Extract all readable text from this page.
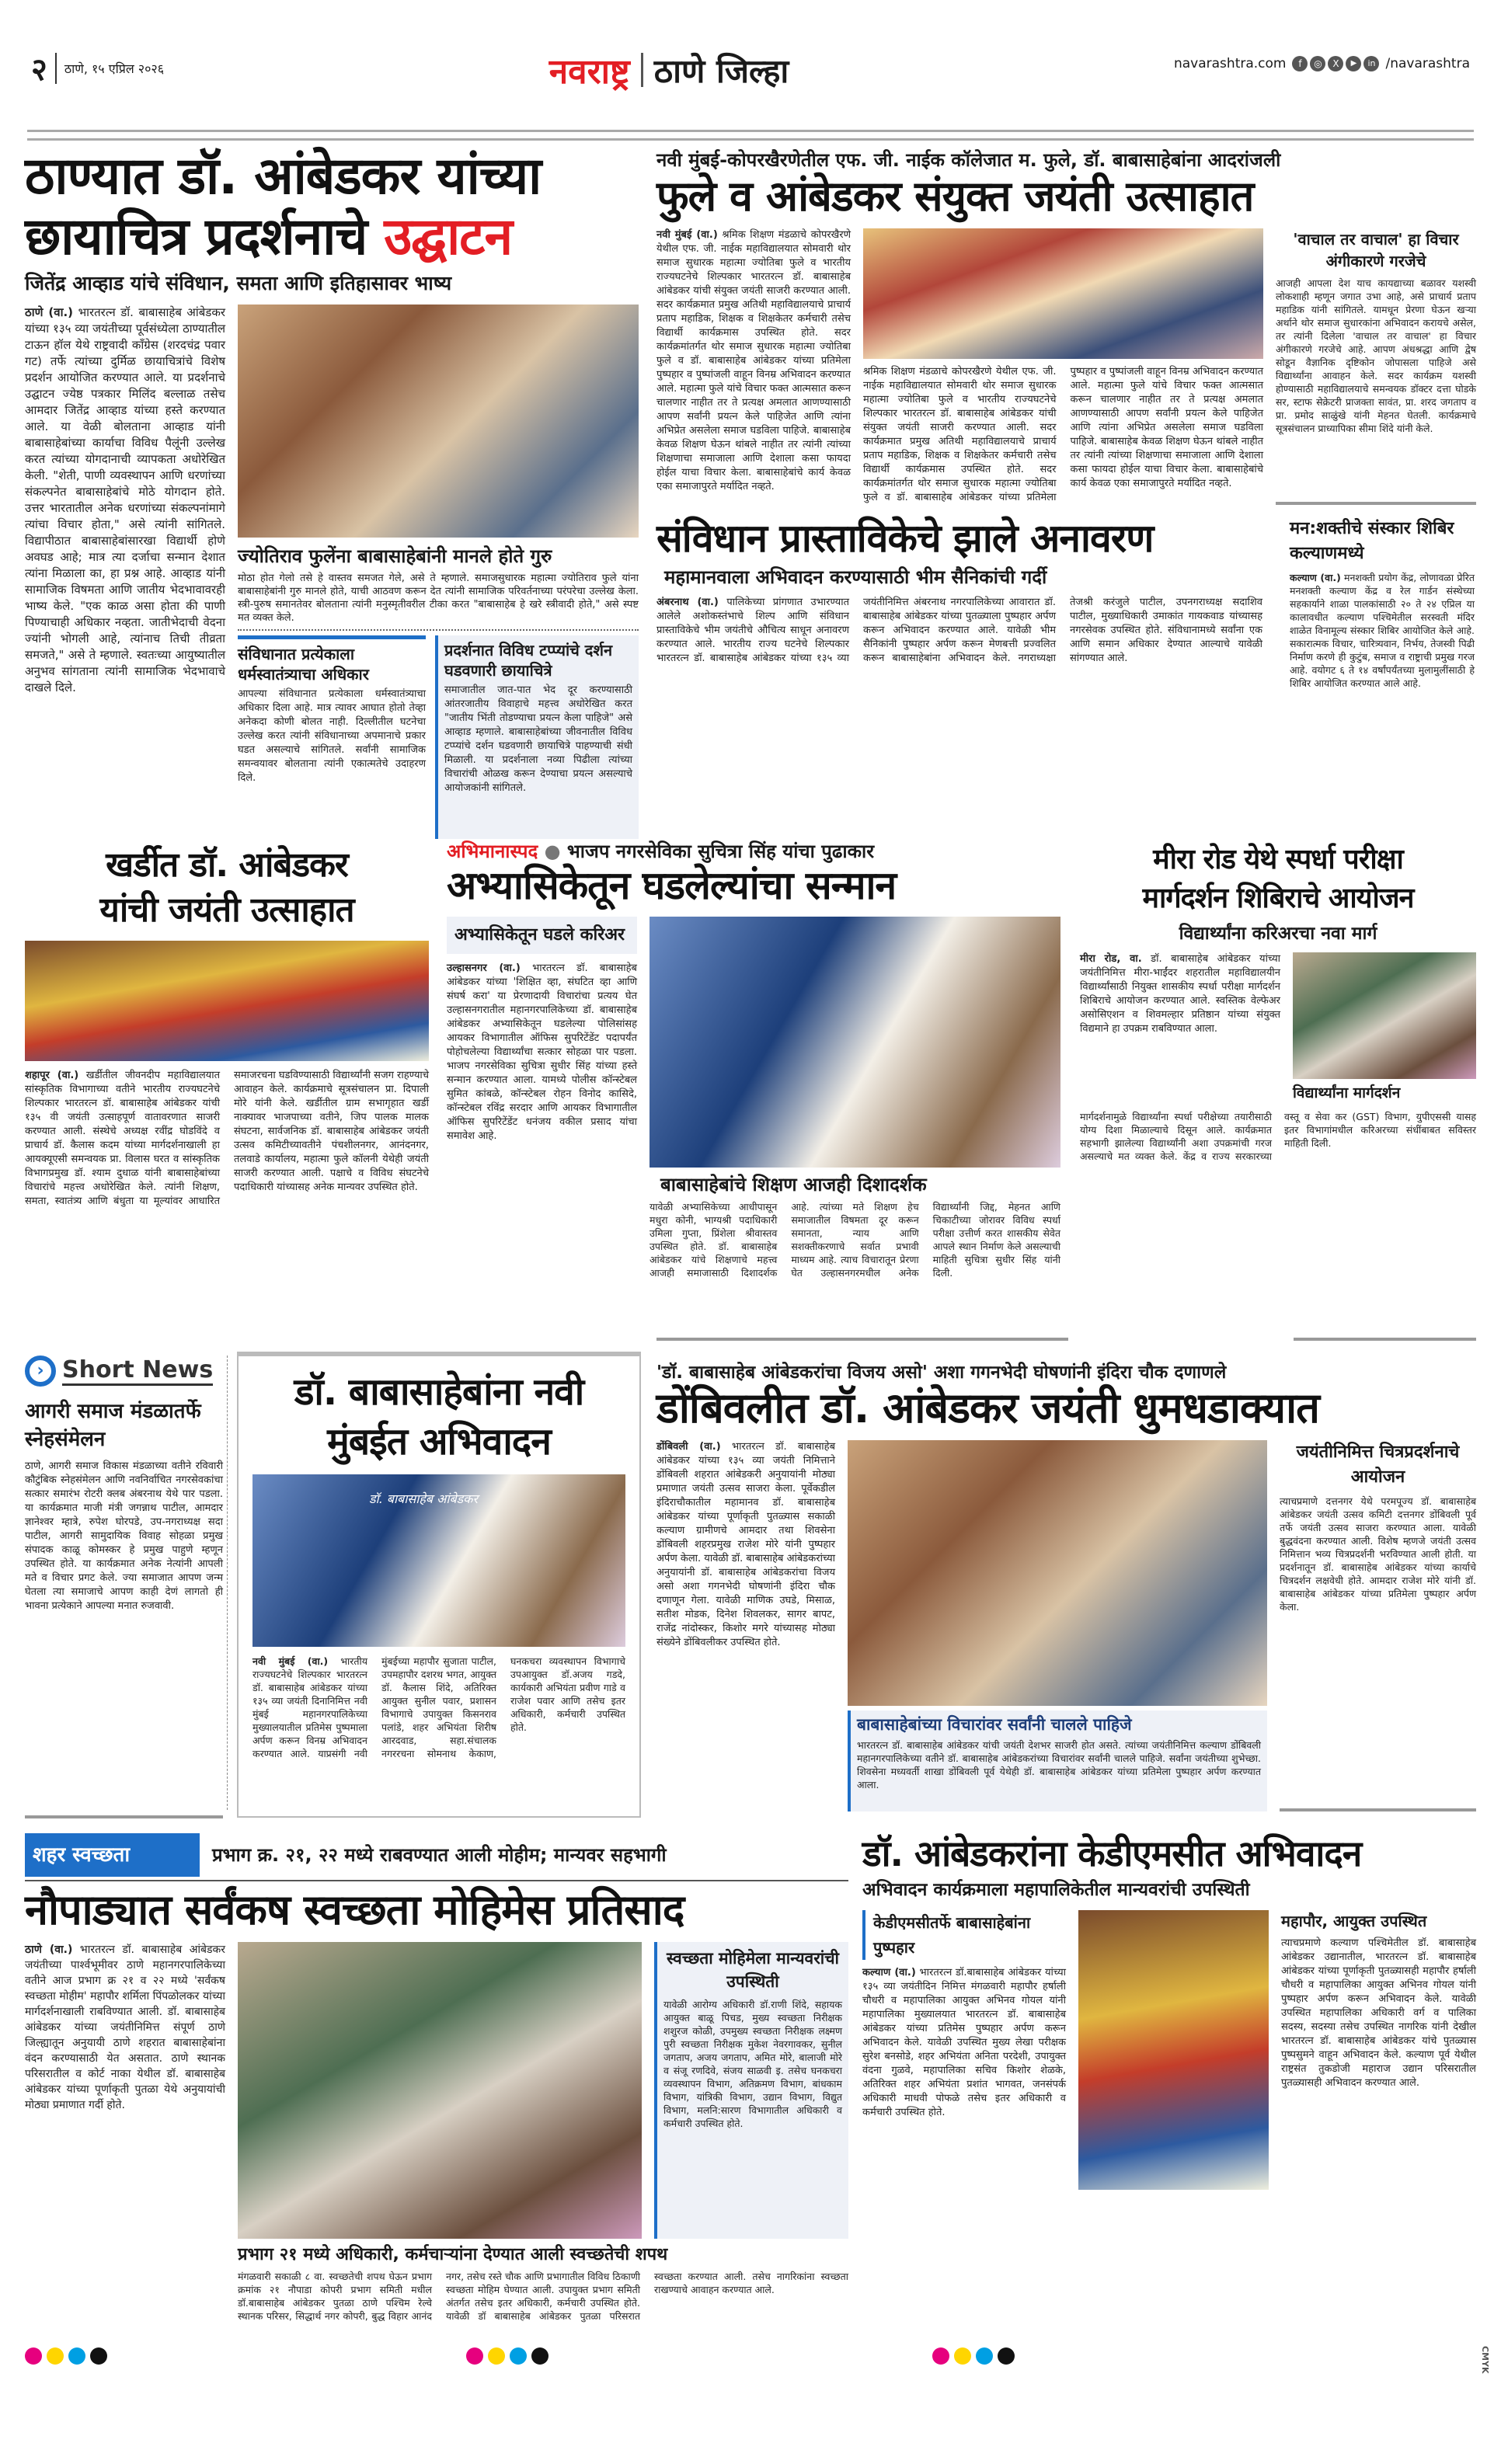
२ ठाणे, १५ एप्रिल २०२६	नवराष्ट्र ठाणे जिल्हा	navarashtra.com	f	◎	X	▶	in /navarashtra
ठाण्यात डॉ. आंबेडकर यांच्या
छायाचित्र प्रदर्शनाचे उद्घाटन
जितेंद्र आव्हाड यांचे संविधान, समता आणि इतिहासावर भाष्य
ठाणे (वा.) भारतरत्न डॉ. बाबासाहेब आंबेडकर यांच्या १३५ व्या जयंतीच्या पूर्वसंध्येला ठाण्यातील टाऊन हॉल येथे राष्ट्रवादी काँग्रेस (शरदचंद्र पवार गट) तर्फे त्यांच्या दुर्मिळ छायाचित्रांचे विशेष प्रदर्शन आयोजित करण्यात आले. या प्रदर्शनाचे उद्घाटन ज्येष्ठ पत्रकार मिलिंद बल्लाळ तसेच आमदार जितेंद्र आव्हाड यांच्या हस्ते करण्यात आले. या वेळी बोलताना आव्हाड यांनी बाबासाहेबांच्या कार्याचा विविध पैलूंनी उल्लेख करत त्यांच्या योगदानाची व्यापकता अधोरेखित केली. "शेती, पाणी व्यवस्थापन आणि धरणांच्या संकल्पनेत बाबासाहेबांचे मोठे योगदान होते. उत्तर भारतातील अनेक धरणांच्या संकल्पनांमागे त्यांचा विचार होता," असे त्यांनी सांगितले. विद्यापीठात बाबासाहेबांसारखा विद्यार्थी होणे अवघड आहे; मात्र त्या दर्जाचा सन्मान देशात त्यांना मिळाला का, हा प्रश्न आहे. आव्हाड यांनी सामाजिक विषमता आणि जातीय भेदभावावरही भाष्य केले. "एक काळ असा होता की पाणी पिण्याचाही अधिकार नव्हता. जातीभेदाची वेदना ज्यांनी भोगली आहे, त्यांनाच तिची तीव्रता समजते," असे ते म्हणाले. स्वतःच्या आयुष्यातील अनुभव सांगताना त्यांनी सामाजिक भेदभावाचे दाखले दिले.
ज्योतिराव फुलेंना बाबासाहेबांनी मानले होते गुरु
मोठा होत गेलो तसे हे वास्तव समजत गेले, असे ते म्हणाले. समाजसुधारक महात्मा ज्योतिराव फुले यांना बाबासाहेबांनी गुरु मानले होते, याची आठवण करून देत त्यांनी सामाजिक परिवर्तनाच्या परंपरेचा उल्लेख केला. स्त्री-पुरुष समानतेवर बोलताना त्यांनी मनुस्मृतीवरील टीका करत "बाबासाहेब हे खरे स्त्रीवादी होते," असे स्पष्ट मत व्यक्त केले.
संविधानात प्रत्येकाला धर्मस्वातंत्र्याचा अधिकार
आपल्या संविधानात प्रत्येकाला धर्मस्वातंत्र्याचा अधिकार दिला आहे. मात्र त्यावर आघात होतो तेव्हा अनेकदा कोणी बोलत नाही. दिल्लीतील घटनेचा उल्लेख करत त्यांनी संविधानाच्या अपमानाचे प्रकार घडत असल्याचे सांगितले. सर्वांनी सामाजिक समन्वयावर बोलताना त्यांनी एकात्मतेचे उदाहरण दिले.
प्रदर्शनात विविध टप्प्यांचे दर्शन घडवणारी छायाचित्रे
समाजातील जात-पात भेद दूर करण्यासाठी आंतरजातीय विवाहाचे महत्त्व अधोरेखित करत "जातीय भिंती तोडण्याचा प्रयत्न केला पाहिजे" असे आव्हाड म्हणाले. बाबासाहेबांच्या जीवनातील विविध टप्प्यांचे दर्शन घडवणारी छायाचित्रे पाहण्याची संधी मिळाली. या प्रदर्शनाला नव्या पिढीला त्यांच्या विचारांची ओळख करून देण्याचा प्रयत्न असल्याचे आयोजकांनी सांगितले.
नवी मुंबई-कोपरखैरणेतील एफ. जी. नाईक कॉलेजात म. फुले, डॉ. बाबासाहेबांना आदरांजली
फुले व आंबेडकर संयुक्त जयंती उत्साहात
नवी मुंबई (वा.) श्रमिक शिक्षण मंडळाचे कोपरखैरणे येथील एफ. जी. नाईक महाविद्यालयात सोमवारी थोर समाज सुधारक महात्मा ज्योतिबा फुले व भारतीय राज्यघटनेचे शिल्पकार भारतरत्न डॉ. बाबासाहेब आंबेडकर यांची संयुक्त जयंती साजरी करण्यात आली. सदर कार्यक्रमात प्रमुख अतिथी महाविद्यालयाचे प्राचार्य प्रताप महाडिक, शिक्षक व शिक्षकेतर कर्मचारी तसेच विद्यार्थी कार्यक्रमास उपस्थित होते. सदर कार्यक्रमांतर्गत थोर समाज सुधारक महात्मा ज्योतिबा फुले व डॉ. बाबासाहेब आंबेडकर यांच्या प्रतिमेला पुष्पहार व पुष्पांजली वाहून विनम्र अभिवादन करण्यात आले. महात्मा फुले यांचे विचार फक्त आत्मसात करून चालणार नाहीत तर ते प्रत्यक्ष अमलात आणण्यासाठी आपण सर्वांनी प्रयत्न केले पाहिजेत आणि त्यांना अभिप्रेत असलेला समाज घडविला पाहिजे. बाबासाहेब केवळ शिक्षण घेऊन थांबले नाहीत तर त्यांनी त्यांच्या शिक्षणाचा समाजाला आणि देशाला कसा फायदा होईल याचा विचार केला. बाबासाहेबांचे कार्य केवळ एका समाजापुरते मर्यादित नव्हते.
श्रमिक शिक्षण मंडळाचे कोपरखैरणे येथील एफ. जी. नाईक महाविद्यालयात सोमवारी थोर समाज सुधारक महात्मा ज्योतिबा फुले व भारतीय राज्यघटनेचे शिल्पकार भारतरत्न डॉ. बाबासाहेब आंबेडकर यांची संयुक्त जयंती साजरी करण्यात आली. सदर कार्यक्रमात प्रमुख अतिथी महाविद्यालयाचे प्राचार्य प्रताप महाडिक, शिक्षक व शिक्षकेतर कर्मचारी तसेच विद्यार्थी कार्यक्रमास उपस्थित होते. सदर कार्यक्रमांतर्गत थोर समाज सुधारक महात्मा ज्योतिबा फुले व डॉ. बाबासाहेब आंबेडकर यांच्या प्रतिमेला पुष्पहार व पुष्पांजली वाहून विनम्र अभिवादन करण्यात आले. महात्मा फुले यांचे विचार फक्त आत्मसात करून चालणार नाहीत तर ते प्रत्यक्ष अमलात आणण्यासाठी आपण सर्वांनी प्रयत्न केले पाहिजेत आणि त्यांना अभिप्रेत असलेला समाज घडविला पाहिजे. बाबासाहेब केवळ शिक्षण घेऊन थांबले नाहीत तर त्यांनी त्यांच्या शिक्षणाचा समाजाला आणि देशाला कसा फायदा होईल याचा विचार केला. बाबासाहेबांचे कार्य केवळ एका समाजापुरते मर्यादित नव्हते.
'वाचाल तर वाचाल' हा विचार अंगीकारणे गरजेचे
आजही आपला देश याच कायद्याच्या बळावर यशस्वी लोकशाही म्हणून जगात उभा आहे, असे प्राचार्य प्रताप महाडिक यांनी सांगितले. यामधून प्रेरणा घेऊन खऱ्या अर्थाने थोर समाज सुधारकांना अभिवादन करायचे असेल, तर त्यांनी दिलेला 'वाचाल तर वाचाल' हा विचार अंगीकारणे गरजेचे आहे. आपण अंधश्रद्धा आणि द्वेष सोडून वैज्ञानिक दृष्टिकोन जोपासला पाहिजे असे विद्यार्थ्यांना आवाहन केले. सदर कार्यक्रम यशस्वी होण्यासाठी महाविद्यालयाचे समन्वयक डॉक्टर दत्ता घोडके सर, स्टाफ सेक्रेटरी प्राजक्ता सावंत, प्रा. शरद जगताप व प्रा. प्रमोद साळुंखे यांनी मेहनत घेतली. कार्यक्रमाचे सूत्रसंचालन प्राध्यापिका सीमा शिंदे यांनी केले.
संविधान प्रास्ताविकेचे झाले अनावरण
महामानवाला अभिवादन करण्यासाठी भीम सैनिकांची गर्दी
अंबरनाथ (वा.) पालिकेच्या प्रांगणात उभारण्यात आलेले अशोकस्तंभाचे शिल्प आणि संविधान प्रास्ताविकेचे भीम जयंतीचे औचित्य साधून अनावरण करण्यात आले. भारतीय राज्य घटनेचे शिल्पकार भारतरत्न डॉ. बाबासाहेब आंबेडकर यांच्या १३५ व्या जयंतीनिमित्त अंबरनाथ नगरपालिकेच्या आवारात डॉ. बाबासाहेब आंबेडकर यांच्या पुतळ्याला पुष्पहार अर्पण करून अभिवादन करण्यात आले. यावेळी भीम सैनिकांनी पुष्पहार अर्पण करून मेणबत्ती प्रज्वलित करून बाबासाहेबांना अभिवादन केले. नगराध्यक्षा तेजश्री करंजुले पाटील, उपनगराध्यक्ष सदाशिव पाटील, मुख्याधिकारी उमाकांत गायकवाड यांच्यासह नगरसेवक उपस्थित होते. संविधानामध्ये सर्वांना एक आणि समान अधिकार देण्यात आल्याचे यावेळी सांगण्यात आले.
मन:शक्तीचे संस्कार शिबिर कल्याणमध्ये
कल्याण (वा.) मनशक्ती प्रयोग केंद्र, लोणावळा प्रेरित मनशक्ती कल्याण केंद्र व रेल गार्डन संस्थेच्या सहकार्याने शाळा पालकांसाठी २० ते २४ एप्रिल या कालावधीत कल्याण पश्चिमेतील सरस्वती मंदिर शाळेत विनामूल्य संस्कार शिबिर आयोजित केले आहे. सकारात्मक विचार, चारित्र्यवान, निर्भय, तेजस्वी पिढी निर्माण करणे ही कुटुंब, समाज व राष्ट्राची प्रमुख गरज आहे. वयोगट ६ ते १४ वर्षांपर्यंतच्या मुलामुलींसाठी हे शिबिर आयोजित करण्यात आले आहे.
खर्डीत डॉ. आंबेडकर
यांची जयंती उत्साहात
शहापूर (वा.) खर्डीतील जीवनदीप महाविद्यालयात सांस्कृतिक विभागाच्या वतीने भारतीय राज्यघटनेचे शिल्पकार भारतरत्न डॉ. बाबासाहेब आंबेडकर यांची १३५ वी जयंती उत्साहपूर्ण वातावरणात साजरी करण्यात आली. संस्थेचे अध्यक्ष रवींद्र घोडविंदे व प्राचार्य डॉ. कैलास कदम यांच्या मार्गदर्शनाखाली हा आयक्यूएसी समन्वयक प्रा. विलास घरत व सांस्कृतिक विभागप्रमुख डॉ. श्याम दुधाळ यांनी बाबासाहेबांच्या विचारांचे महत्त्व अधोरेखित केले. त्यांनी शिक्षण, समता, स्वातंत्र्य आणि बंधुता या मूल्यांवर आधारित समाजरचना घडविण्यासाठी विद्यार्थ्यांनी सजग राहण्याचे आवाहन केले. कार्यक्रमाचे सूत्रसंचालन प्रा. दिपाली मोरे यांनी केले. खर्डीतील ग्राम सभागृहात खर्डी नाक्यावर भाजपाच्या वतीने, जिप पालक मालक संघटना, सार्वजनिक डॉ. बाबासाहेब आंबेडकर जयंती उत्सव कमिटीच्यावतीने पंचशीलनगर, आनंदनगर, तलवाडे कार्यालय, महात्मा फुले कॉलनी येथेही जयंती साजरी करण्यात आली. पक्षाचे व विविध संघटनेचे पदाधिकारी यांच्यासह अनेक मान्यवर उपस्थित होते.
अभिमानास्पद ● भाजप नगरसेविका सुचित्रा सिंह यांचा पुढाकार
अभ्यासिकेतून घडलेल्यांचा सन्मान
अभ्यासिकेतून घडले करिअर
उल्हासनगर (वा.) भारतरत्न डॉ. बाबासाहेब आंबेडकर यांच्या 'शिक्षित व्हा, संघटित व्हा आणि संघर्ष करा' या प्रेरणादायी विचारांचा प्रत्यय घेत उल्हासनगरातील महानगरपालिकेच्या डॉ. बाबासाहेब आंबेडकर अभ्यासिकेतून घडलेल्या पोलिसांसह आयकर विभागातील ऑफिस सुपरिटेंडेंट पदापर्यंत पोहोचलेल्या विद्यार्थ्यांचा सत्कार सोहळा पार पडला. भाजप नगरसेविका सुचित्रा सुधीर सिंह यांच्या हस्ते सन्मान करण्यात आला. यामध्ये पोलीस कॉन्स्टेबल सुमित कांबळे, कॉन्स्टेबल रोहन विनोद कासिदे, कॉन्स्टेबल रविंद्र सरदार आणि आयकर विभागातील ऑफिस सुपरिटेंडेंट धनंजय वकील प्रसाद यांचा समावेश आहे.
बाबासाहेबांचे शिक्षण आजही दिशादर्शक
यावेळी अभ्यासिकेच्या आधीपासून मधुरा कोनी, भाग्यश्री पदाधिकारी उमिला गुप्ता, प्रिंशेला श्रीवास्तव उपस्थित होते. डॉ. बाबासाहेब आंबेडकर यांचे शिक्षणाचे महत्त्व आजही समाजासाठी दिशादर्शक आहे. त्यांच्या मते शिक्षण हेच समाजातील विषमता दूर करून समानता, न्याय आणि सशक्तीकरणाचे सर्वात प्रभावी माध्यम आहे. त्याच विचारातून प्रेरणा घेत उल्हासनगरमधील अनेक विद्यार्थ्यांनी जिद्द, मेहनत आणि चिकाटीच्या जोरावर विविध स्पर्धा परीक्षा उत्तीर्ण करत शासकीय सेवेत आपले स्थान निर्माण केले असल्याची माहिती सुचित्रा सुधीर सिंह यांनी दिली.
मीरा रोड येथे स्पर्धा परीक्षा
मार्गदर्शन शिबिराचे आयोजन
विद्यार्थ्यांना करिअरचा नवा मार्ग
मीरा रोड, वा. डॉ. बाबासाहेब आंबेडकर यांच्या जयंतीनिमित्त मीरा-भाईंदर शहरातील महाविद्यालयीन विद्यार्थ्यांसाठी नियुक्त शासकीय स्पर्धा परीक्षा मार्गदर्शन शिबिराचे आयोजन करण्यात आले. स्वस्तिक वेल्फेअर असोसिएशन व शिवमल्हार प्रतिष्ठान यांच्या संयुक्त विद्यमाने हा उपक्रम राबविण्यात आला.
विद्यार्थ्यांना मार्गदर्शन
मार्गदर्शनामुळे विद्यार्थ्यांना स्पर्धा परीक्षेच्या तयारीसाठी योग्य दिशा मिळाल्याचे दिसून आले. कार्यक्रमात सहभागी झालेल्या विद्यार्थ्यांनी अशा उपक्रमांची गरज असल्याचे मत व्यक्त केले. केंद्र व राज्य सरकारच्या वस्तू व सेवा कर (GST) विभाग, युपीएससी यासह इतर विभागांमधील करिअरच्या संधींबाबत सविस्तर माहिती दिली.
› Short News
आगरी समाज मंडळातर्फे स्नेहसंमेलन
ठाणे, आगरी समाज विकास मंडळाच्या वतीने रविवारी कौटुंबिक स्नेहसंमेलन आणि नवनिर्वाचित नगरसेवकांचा सत्कार समारंभ रोटरी क्लब अंबरनाथ येथे पार पडला. या कार्यक्रमात माजी मंत्री जगन्नाथ पाटील, आमदार ज्ञानेश्वर म्हात्रे, रुपेश घोरपडे, उप-नगराध्यक्ष सदा पाटील, आगरी सामुदायिक विवाह सोहळा प्रमुख संपादक काळू कोमस्कर हे प्रमुख पाहुणे म्हणून उपस्थित होते. या कार्यक्रमात अनेक नेत्यांनी आपली मते व विचार प्रगट केले. ज्या समाजात आपण जन्म घेतला त्या समाजाचे आपण काही देणं लागतो ही भावना प्रत्येकाने आपल्या मनात रुजवावी.
डॉ. बाबासाहेबांना नवी मुंबईत अभिवादन
डॉ. बाबासाहेब आंबेडकर
नवी मुंबई (वा.) भारतीय राज्यघटनेचे शिल्पकार भारतरत्न डॉ. बाबासाहेब आंबेडकर यांच्या १३५ व्या जयंती दिनानिमित्त नवी मुंबई महानगरपालिकेच्या मुख्यालयातील प्रतिमेस पुष्पमाला अर्पण करून विनम्र अभिवादन करण्यात आले. याप्रसंगी नवी मुंबईच्या महापौर सुजाता पाटील, उपमहापौर दशरथ भगत, आयुक्त डॉ. कैलास शिंदे, अतिरिक्त आयुक्त सुनील पवार, प्रशासन विभागाचे उपायुक्त किसनराव पलांडे, शहर अभियंता शिरीष आरदवाड, सहा.संचालक नगररचना सोमनाथ केकाण, घनकचरा व्यवस्थापन विभागाचे उपआयुक्त डॉ.अजय गडदे, कार्यकारी अभियंता प्रवीण गाडे व राजेश पवार आणि तसेच इतर अधिकारी, कर्मचारी उपस्थित होते.
'डॉ. बाबासाहेब आंबेडकरांचा विजय असो' अशा गगनभेदी घोषणांनी इंदिरा चौक दणाणले
डोंबिवलीत डॉ. आंबेडकर जयंती धुमधडाक्यात
डोंबिवली (वा.) भारतरत्न डॉ. बाबासाहेब आंबेडकर यांच्या १३५ व्या जयंती निमित्ताने डोंबिवली शहरात आंबेडकरी अनुयायांनी मोठ्या प्रमाणात जयंती उत्सव साजरा केला. पूर्वेकडील इंदिराचौकातील महामानव डॉ. बाबासाहेब आंबेडकर यांच्या पूर्णाकृती पुतळ्यास सकाळी कल्याण ग्रामीणचे आमदार तथा शिवसेना डोंबिवली शहरप्रमुख राजेश मोरे यांनी पुष्पहार अर्पण केला. यावेळी डॉ. बाबासाहेब आंबेडकरांच्या अनुयायांनी डॉ. बाबासाहेब आंबेडकरांचा विजय असो अशा गगनभेदी घोषणांनी इंदिरा चौक दणाणून गेला. यावेळी माणिक उघडे, मिसाळ, सतीश मोडक, दिनेश शिवलकर, सागर बापट, राजेंद्र नांदोस्कर, किशोर मगरे यांच्यासह मोठ्या संख्येने डोंबिवलीकर उपस्थित होते.
बाबासाहेबांच्या विचारांवर सर्वांनी चालले पाहिजे
भारतरत्न डॉ. बाबासाहेब आंबेडकर यांची जयंती देशभर साजरी होत असते. त्यांच्या जयंतीनिमित्त कल्याण डोंबिवली महानगरपालिकेच्या वतीने डॉ. बाबासाहेब आंबेडकरांच्या विचारांवर सर्वांनी चालले पाहिजे. सर्वांना जयंतीच्या शुभेच्छा. शिवसेना मध्यवर्ती शाखा डोंबिवली पूर्व येथेही डॉ. बाबासाहेब आंबेडकर यांच्या प्रतिमेला पुष्पहार अर्पण करण्यात आला.
जयंतीनिमित्त चित्रप्रदर्शनाचे आयोजन
त्याचप्रमाणे दत्तनगर येथे परमपूज्य डॉ. बाबासाहेब आंबेडकर जयंती उत्सव कमिटी दत्तनगर डोंबिवली पूर्व तर्फे जयंती उत्सव साजरा करण्यात आला. यावेळी बुद्धवंदना करण्यात आली. विशेष म्हणजे जयंती उत्सव निमित्तान भव्य चित्रप्रदर्शनी भरविण्यात आली होती. या प्रदर्शनातून डॉ. बाबासाहेब आंबेडकर यांच्या कार्याचे चित्रदर्शन लक्षवेधी होते. आमदार राजेश मोरे यांनी डॉ. बाबासाहेब आंबेडकर यांच्या प्रतिमेला पुष्पहार अर्पण केला.
शहर स्वच्छता	प्रभाग क्र. २१, २२ मध्ये राबवण्यात आली मोहीम; मान्यवर सहभागी
नौपाड्यात सर्वंकष स्वच्छता मोहिमेस प्रतिसाद
ठाणे (वा.) भारतरत्न डॉ. बाबासाहेब आंबेडकर जयंतीच्या पार्श्वभूमीवर ठाणे महानगरपालिकेच्या वतीने आज प्रभाग क्र २१ व २२ मध्ये 'सर्वंकष स्वच्छता मोहीम' महापौर शर्मिला पिंपळोलकर यांच्या मार्गदर्शनाखाली राबविण्यात आली. डॉ. बाबासाहेब आंबेडकर यांच्या जयंतीनिमित्त संपूर्ण ठाणे जिल्ह्यातून अनुयायी ठाणे शहरात बाबासाहेबांना वंदन करण्यासाठी येत असतात. ठाणे स्थानक परिसरातील व कोर्ट नाका येथील डॉ. बाबासाहेब आंबेडकर यांच्या पूर्णाकृती पुतळा येथे अनुयायांची मोठ्या प्रमाणात गर्दी होते.
स्वच्छता मोहिमेला मान्यवरांची उपस्थिती
यावेळी आरोग्य अधिकारी डॉ.राणी शिंदे, सहायक आयुक्त बाळू पिचड, मुख्य स्वच्छता निरीक्षक शशुरज कोळी, उपमुख्य स्वच्छता निरीक्षक लक्ष्मण पुरी स्वच्छता निरीक्षक मुकेश नेवरगावकर, सुनील जगताप, अजय जगताप, अमित मोरे, बालाजी मोरे व संजू रणदिवे, संजय साळवी इ. तसेच घनकचरा व्यवस्थापन विभाग, अतिक्रमण विभाग, बांधकाम विभाग, यांत्रिकी विभाग, उद्यान विभाग, विद्युत विभाग, मलनि:सारण विभागातील अधिकारी व कर्मचारी उपस्थित होते.
प्रभाग २१ मध्ये अधिकारी, कर्मचाऱ्यांना देण्यात आली स्वच्छतेची शपथ
मंगळवारी सकाळी ८ वा. स्वच्छतेची शपथ घेऊन प्रभाग क्रमांक २१ नौपाडा कोपरी प्रभाग समिती मधील डॉ.बाबासाहेब आंबेडकर पुतळा ठाणे पश्चिम रेल्वे स्थानक परिसर, सिद्धार्थ नगर कोपरी, बुद्ध विहार आनंद नगर, तसेच रस्ते चौक आणि प्रभागातील विविध ठिकाणी स्वच्छता मोहिम घेण्यात आली. उपायुक्त प्रभाग समिती अंतर्गत तसेच इतर अधिकारी, कर्मचारी उपस्थित होते. यावेळी डॉ बाबासाहेब आंबेडकर पुतळा परिसरात स्वच्छता करण्यात आली. तसेच नागरिकांना स्वच्छता राखण्याचे आवाहन करण्यात आले.
डॉ. आंबेडकरांना केडीएमसीत अभिवादन
अभिवादन कार्यक्रमाला महापालिकेतील मान्यवरांची उपस्थिती
केडीएमसीतर्फे बाबासाहेबांना पुष्पहार
कल्याण (वा.) भारतरत्न डॉ.बाबासाहेब आंबेडकर यांच्या १३५ व्या जयंतीदिन निमित्त मंगळवारी महापौर हर्षाली चौधरी व महापालिका आयुक्त अभिनव गोयल यांनी महापालिका मुख्यालयात भारतरत्न डॉ. बाबासाहेब आंबेडकर यांच्या प्रतिमेस पुष्पहार अर्पण करून अभिवादन केले. यावेळी उपस्थित मुख्य लेखा परीक्षक सुरेश बनसोडे, शहर अभियंता अनिता परदेशी, उपायुक्त वंदना गुळवे, महापालिका सचिव किशोर शेळके, अतिरिक्त शहर अभियंता प्रशांत भागवत, जनसंपर्क अधिकारी माधवी पोफळे तसेच इतर अधिकारी व कर्मचारी उपस्थित होते.
महापौर, आयुक्त उपस्थित
त्याचप्रमाणे कल्याण पश्चिमेतील डॉ. बाबासाहेब आंबेडकर उद्यानातील, भारतरत्न डॉ. बाबासाहेब आंबेडकर यांच्या पूर्णाकृती पुतळ्यासही महापौर हर्षाली चौधरी व महापालिका आयुक्त अभिनव गोयल यांनी पुष्पहार अर्पण करून अभिवादन केले. यावेळी उपस्थित महापालिका अधिकारी वर्ग व पालिका सदस्य, सदस्या तसेच उपस्थित नागरिक यांनी देखील भारतरत्न डॉ. बाबासाहेब आंबेडकर यांचे पुतळ्यास पुष्पसुमने वाहून अभिवादन केले. कल्याण पूर्व येथील राष्ट्रसंत तुकडोजी महाराज उद्यान परिसरातील पुतळ्यासही अभिवादन करण्यात आले.
CMYK
